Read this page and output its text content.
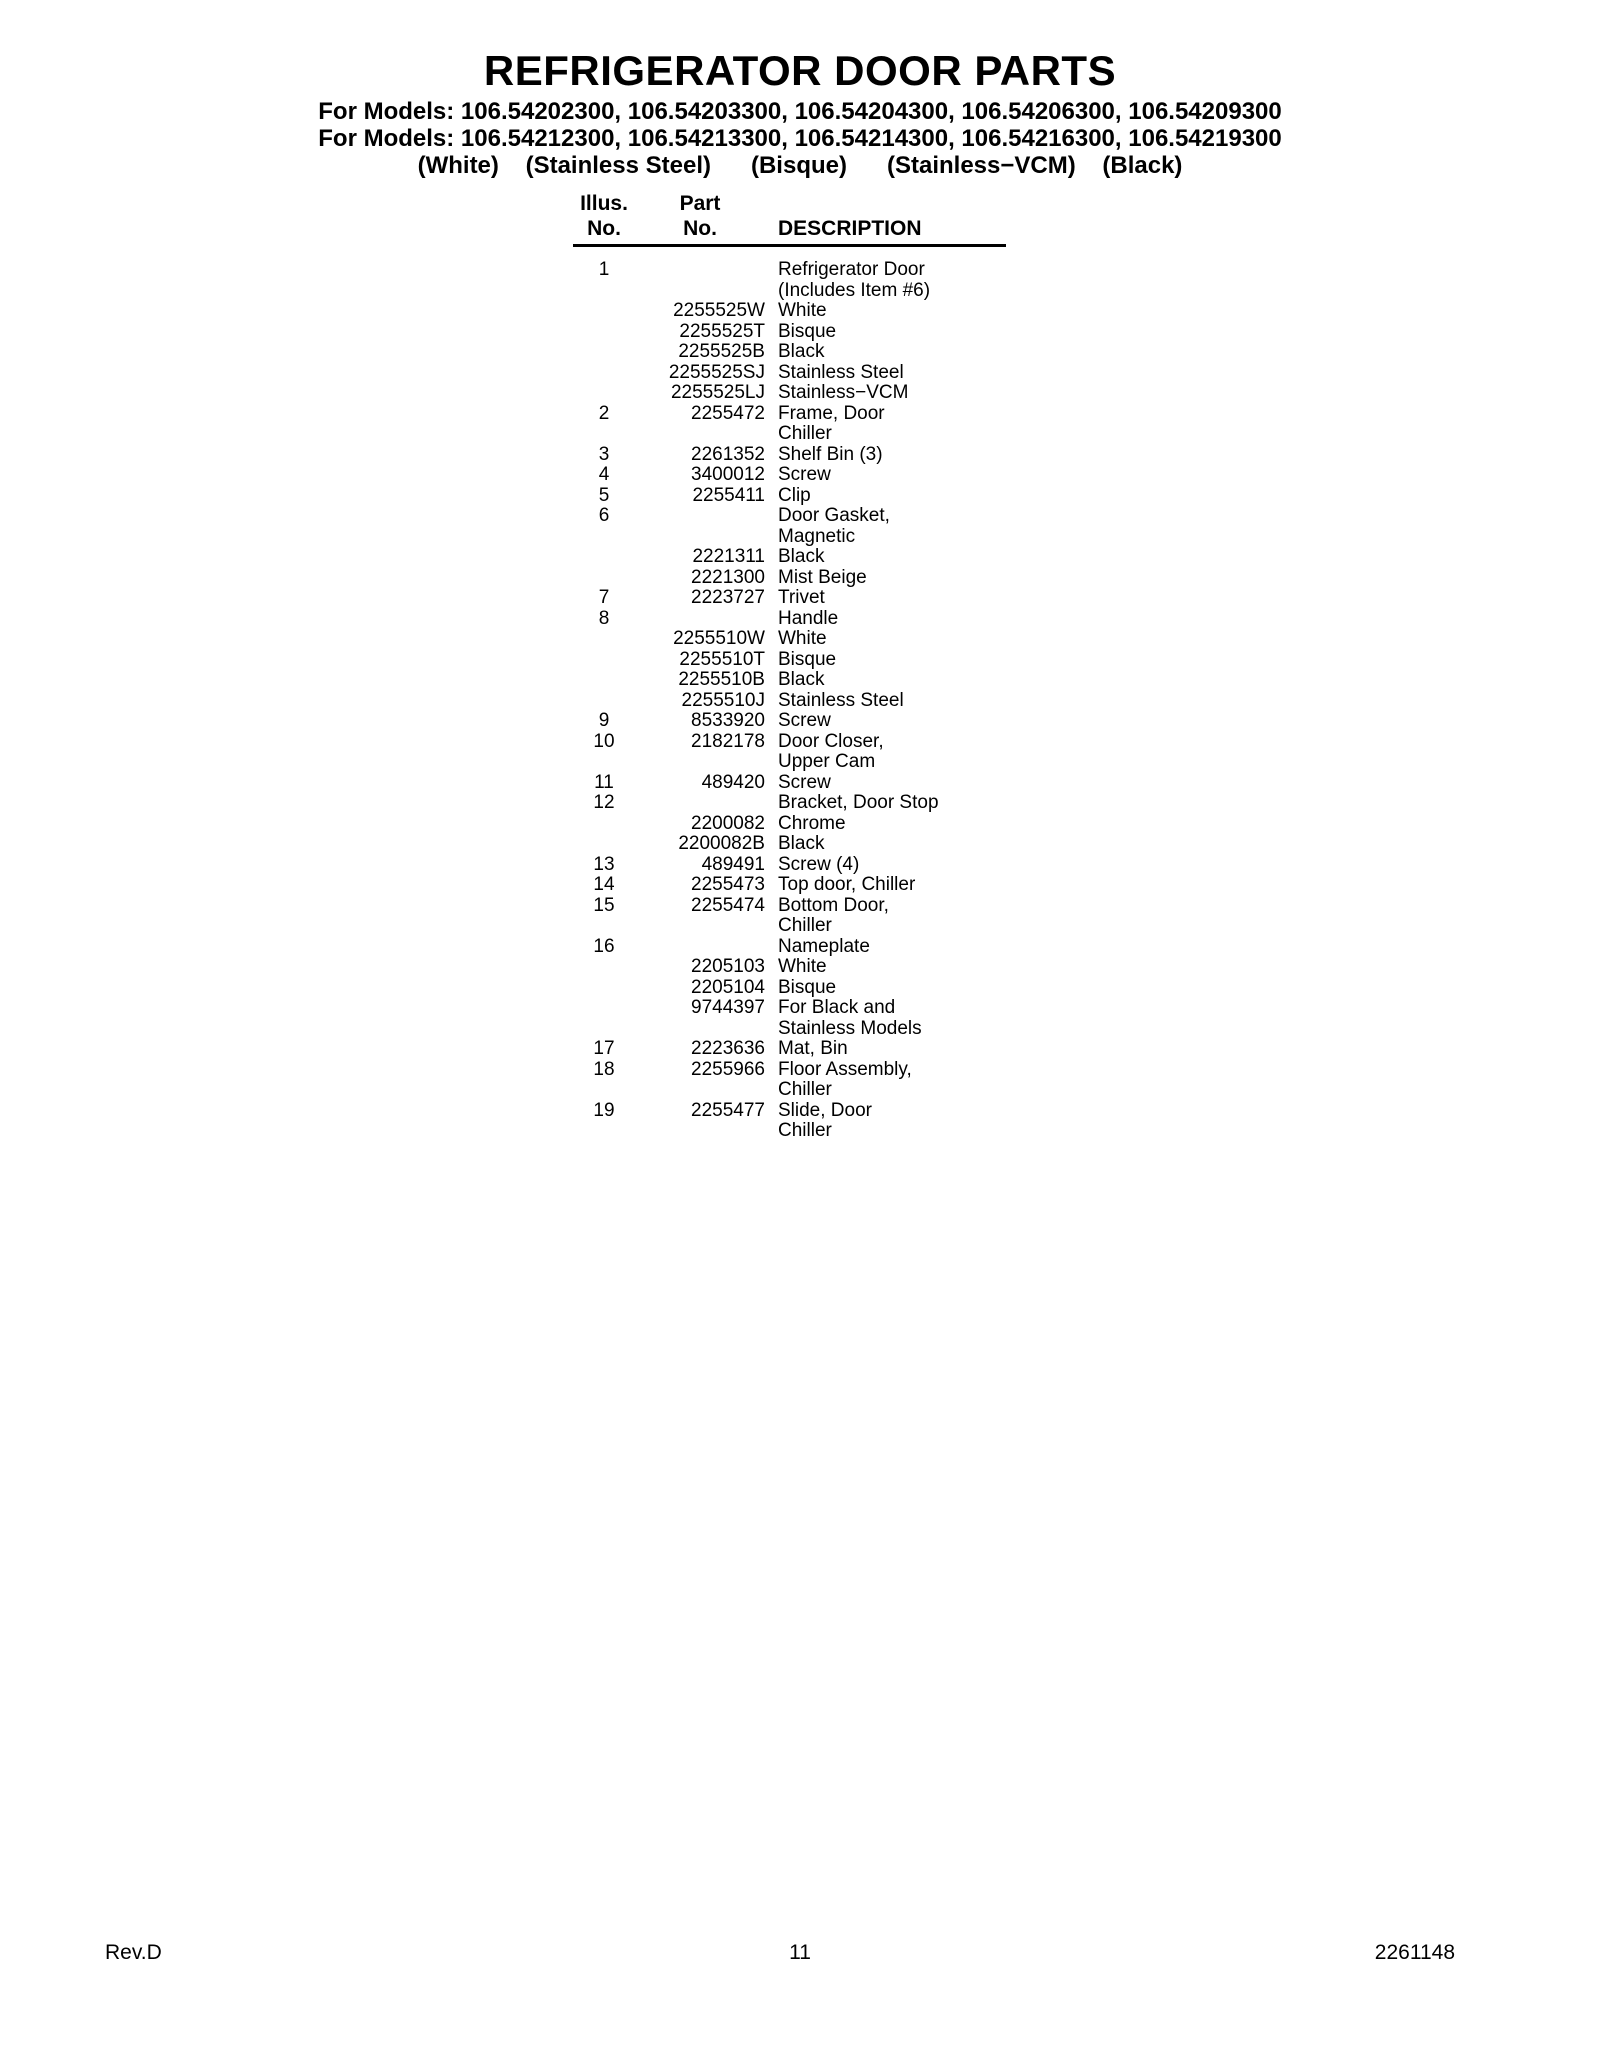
REFRIGERATOR DOOR PARTS
For Models: 106.54202300, 106.54203300, 106.54204300, 106.54206300, 106.54209300
For Models: 106.54212300, 106.54213300, 106.54214300, 106.54216300, 106.54219300
(White)    (Stainless Steel)      (Bisque)      (Stainless−VCM)    (Black)
Illus.	Part
No.	No.	DESCRIPTION
1	Refrigerator Door
(Includes Item #6)
2255525W White
2255525T Bisque
2255525B Black
2255525SJ Stainless Steel
2255525LJ Stainless−VCM
2	2255472 Frame, Door
Chiller
3	2261352 Shelf Bin (3)
4	3400012 Screw
5	2255411 Clip
6	Door Gasket,
Magnetic
2221311 Black
2221300 Mist Beige
7	2223727 Trivet
8	Handle
2255510W White
2255510T Bisque
2255510B Black
2255510J Stainless Steel
9	8533920 Screw
10	2182178 Door Closer,
Upper Cam
11	489420 Screw
12	Bracket, Door Stop
2200082 Chrome
2200082B Black
13	489491 Screw (4)
14	2255473 Top door, Chiller
15	2255474 Bottom Door,
Chiller
16	Nameplate
2205103 White
2205104 Bisque
9744397 For Black and
Stainless Models
17	2223636 Mat, Bin
18	2255966 Floor Assembly,
Chiller
19	2255477 Slide, Door
Chiller
Rev.D	11	2261148
